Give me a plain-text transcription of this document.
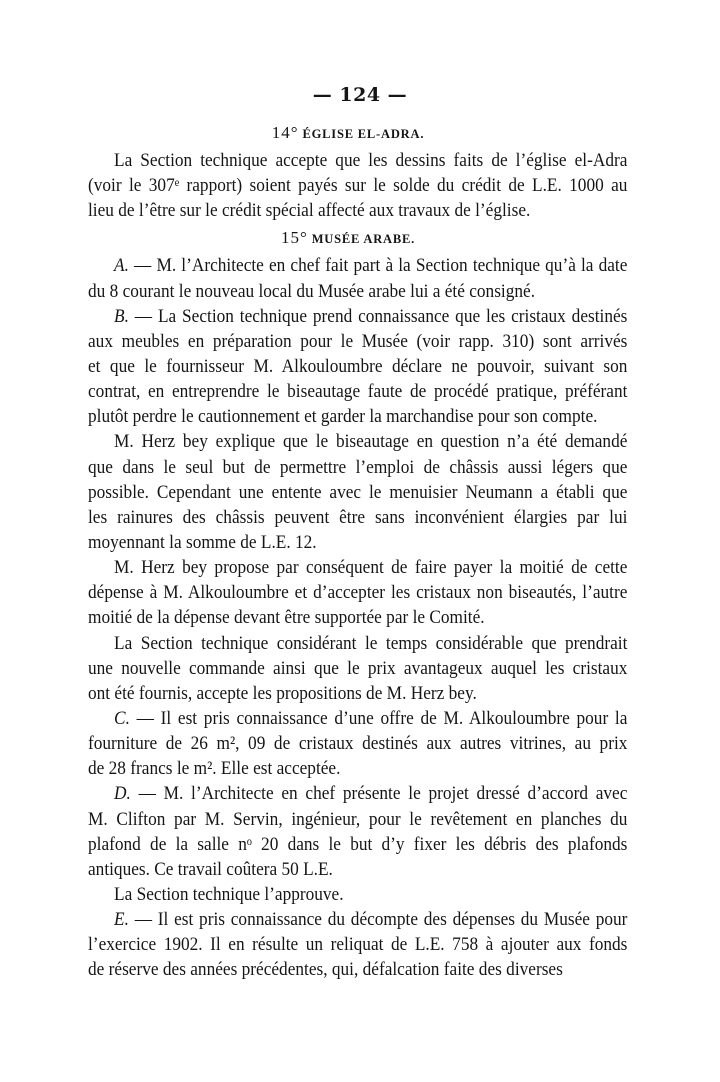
— 124 —
14° ÉGLISE EL-ADRA.
La Section technique accepte que les dessins faits de l’église el-Adra
(voir le 307ᵉ rapport) soient payés sur le solde du crédit de L.E. 1000 au
lieu de l’être sur le crédit spécial affecté aux travaux de l’église.
15° MUSÉE ARABE.
A. — M. l’Architecte en chef fait part à la Section technique qu’à la date
du 8 courant le nouveau local du Musée arabe lui a été consigné.
B. — La Section technique prend connaissance que les cristaux destinés
aux meubles en préparation pour le Musée (voir rapp. 310) sont arrivés
et que le fournisseur M. Alkouloumbre déclare ne pouvoir, suivant son
contrat, en entreprendre le biseautage faute de procédé pratique, préférant
plutôt perdre le cautionnement et garder la marchandise pour son compte.
M. Herz bey explique que le biseautage en question n’a été demandé
que dans le seul but de permettre l’emploi de châssis aussi légers que
possible. Cependant une entente avec le menuisier Neumann a établi que
les rainures des châssis peuvent être sans inconvénient élargies par lui
moyennant la somme de L.E. 12.
M. Herz bey propose par conséquent de faire payer la moitié de cette
dépense à M. Alkouloumbre et d’accepter les cristaux non biseautés, l’autre
moitié de la dépense devant être supportée par le Comité.
La Section technique considérant le temps considérable que prendrait
une nouvelle commande ainsi que le prix avantageux auquel les cristaux
ont été fournis, accepte les propositions de M. Herz bey.
C. — Il est pris connaissance d’une offre de M. Alkouloumbre pour la
fourniture de 26 m², 09 de cristaux destinés aux autres vitrines, au prix
de 28 francs le m². Elle est acceptée.
D. — M. l’Architecte en chef présente le projet dressé d’accord avec
M. Clifton par M. Servin, ingénieur, pour le revêtement en planches du
plafond de la salle nᵒ 20 dans le but d’y fixer les débris des plafonds
antiques. Ce travail coûtera 50 L.E.
La Section technique l’approuve.
E. — Il est pris connaissance du décompte des dépenses du Musée pour
l’exercice 1902. Il en résulte un reliquat de L.E. 758 à ajouter aux fonds
de réserve des années précédentes, qui, défalcation faite des diverses
